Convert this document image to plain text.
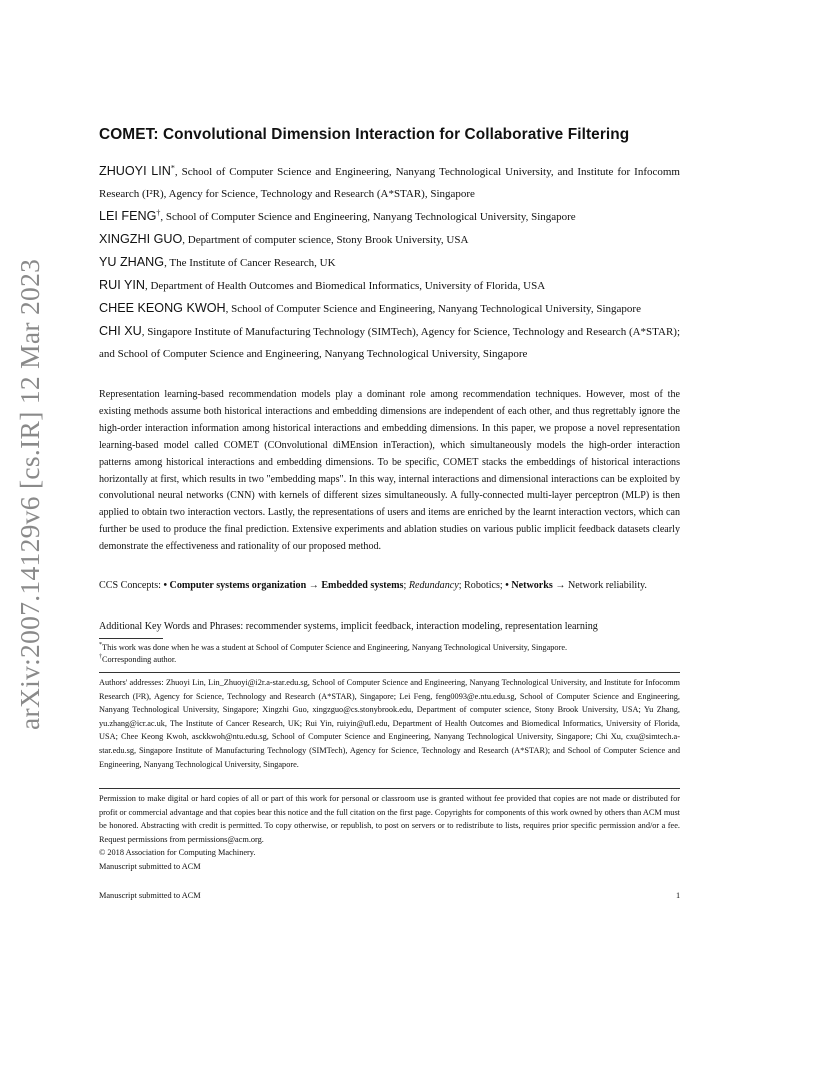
arXiv:2007.14129v6 [cs.IR] 12 Mar 2023
COMET: Convolutional Dimension Interaction for Collaborative Filtering
ZHUOYI LIN*, School of Computer Science and Engineering, Nanyang Technological University, and Institute for Infocomm Research (I²R), Agency for Science, Technology and Research (A*STAR), Singapore
LEI FENG†, School of Computer Science and Engineering, Nanyang Technological University, Singapore
XINGZHI GUO, Department of computer science, Stony Brook University, USA
YU ZHANG, The Institute of Cancer Research, UK
RUI YIN, Department of Health Outcomes and Biomedical Informatics, University of Florida, USA
CHEE KEONG KWOH, School of Computer Science and Engineering, Nanyang Technological University, Singapore
CHI XU, Singapore Institute of Manufacturing Technology (SIMTech), Agency for Science, Technology and Research (A*STAR); and School of Computer Science and Engineering, Nanyang Technological University, Singapore

Representation learning-based recommendation models play a dominant role among recommendation techniques. However, most of the existing methods assume both historical interactions and embedding dimensions are independent of each other, and thus regrettably ignore the high-order interaction information among historical interactions and embedding dimensions. In this paper, we propose a novel representation learning-based model called COMET (COnvolutional diMEnsion inTeraction), which simultaneously models the high-order interaction patterns among historical interactions and embedding dimensions. To be specific, COMET stacks the embeddings of historical interactions horizontally at first, which results in two "embedding maps". In this way, internal interactions and dimensional interactions can be exploited by convolutional neural networks (CNN) with kernels of different sizes simultaneously. A fully-connected multi-layer perceptron (MLP) is then applied to obtain two interaction vectors. Lastly, the representations of users and items are enriched by the learnt interaction vectors, which can further be used to produce the final prediction. Extensive experiments and ablation studies on various public implicit feedback datasets clearly demonstrate the effectiveness and rationality of our proposed method.

CCS Concepts: • Computer systems organization → Embedded systems; Redundancy; Robotics; • Networks → Network reliability.
Additional Key Words and Phrases: recommender systems, implicit feedback, interaction modeling, representation learning
*This work was done when he was a student at School of Computer Science and Engineering, Nanyang Technological University, Singapore.
†Corresponding author.

Authors' addresses: Zhuoyi Lin, Lin_Zhuoyi@i2r.a-star.edu.sg, School of Computer Science and Engineering, Nanyang Technological University, and Institute for Infocomm Research (I²R), Agency for Science, Technology and Research (A*STAR), Singapore; Lei Feng, feng0093@e.ntu.edu.sg, School of Computer Science and Engineering, Nanyang Technological University, Singapore; Xingzhi Guo, xingzguo@cs.stonybrook.edu, Department of computer science, Stony Brook University, USA; Yu Zhang, yu.zhang@icr.ac.uk, The Institute of Cancer Research, UK; Rui Yin, ruiyin@ufl.edu, Department of Health Outcomes and Biomedical Informatics, University of Florida, USA; Chee Keong Kwoh, asckkwoh@ntu.edu.sg, School of Computer Science and Engineering, Nanyang Technological University, Singapore; Chi Xu, cxu@simtech.a-star.edu.sg, Singapore Institute of Manufacturing Technology (SIMTech), Agency for Science, Technology and Research (A*STAR); and School of Computer Science and Engineering, Nanyang Technological University, Singapore.

Permission to make digital or hard copies of all or part of this work for personal or classroom use is granted without fee provided that copies are not made or distributed for profit or commercial advantage and that copies bear this notice and the full citation on the first page. Copyrights for components of this work owned by others than ACM must be honored. Abstracting with credit is permitted. To copy otherwise, or republish, to post on servers or to redistribute to lists, requires prior specific permission and/or a fee. Request permissions from permissions@acm.org.

© 2018 Association for Computing Machinery.

Manuscript submitted to ACM

Manuscript submitted to ACM	1
